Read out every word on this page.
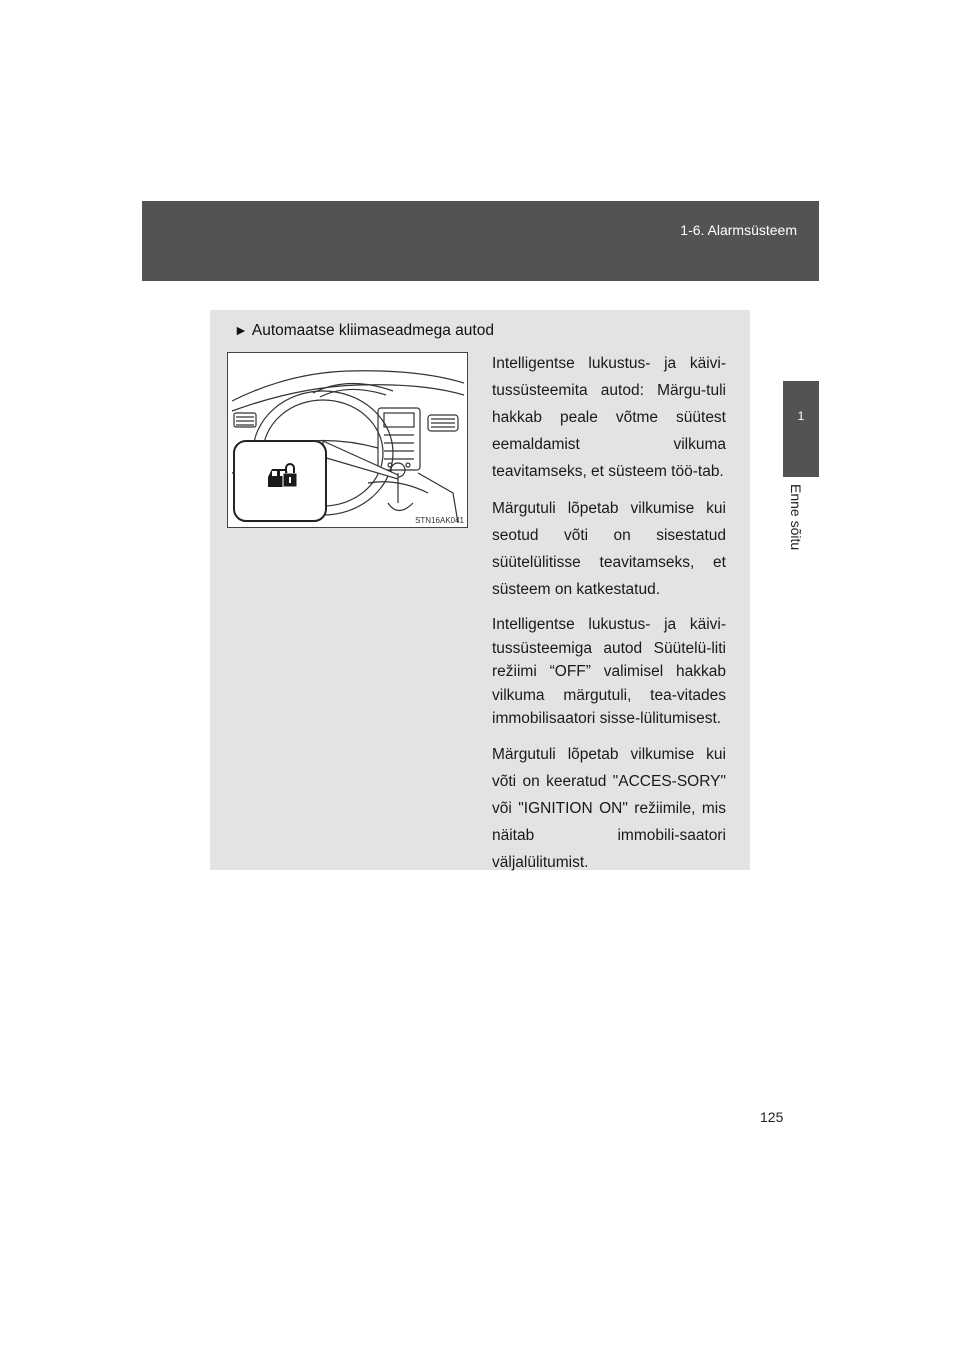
1-6. Alarmsüsteem
1
Enne sõitu
► Automaatse kliimaseadmega autod
STN16AK041

Intelligentse lukustus- ja käivi-tussüsteemita autod: Märgu-tuli hakkab peale võtme süütest eemaldamist vilkuma teavitamseks, et süsteem töö-tab.

Märgutuli lõpetab vilkumise kui seotud võti on sisestatud süütelülitisse teavitamseks, et süsteem on katkestatud.

Intelligentse lukustus- ja käivi-tussüsteemiga autod Süütelü-liti režiimi “OFF” valimisel hakkab vilkuma märgutuli, tea-vitades immobilisaatori sisse-lülitumisest.

Märgutuli lõpetab vilkumise kui võti on keeratud "ACCES-SORY" või "IGNITION ON" režiimile, mis näitab immobili-saatori väljalülitumist.

125
